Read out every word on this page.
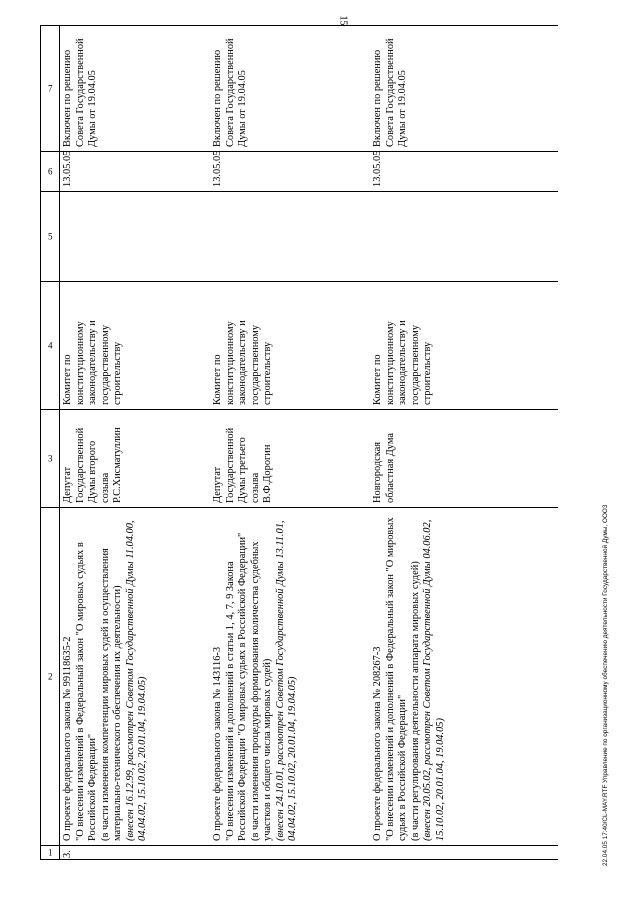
15
1	2	3	4	5	6	7
3.	О проекте федерального закона № 99118635-2 "О внесении изменений в Федеральный закон "О мировых судьях в Российской Федерации" (в части изменения компетенции мировых судей и осуществления материально-технического обеспечения их деятельности) (внесен 16.12.99, рассмотрен Советом Государственной Думы 11.04.00, 04.04.02, 15.10.02, 20.01.04, 19.04.05)	Депутат Государственной Думы второго созыва Р.С.Хисматуллин	Комитет по конституционному законодательству и государственному строительству		13.05.05	Включен по решению Совета Государственной Думы от 19.04.05

	О проекте федерального закона № 143116-3 "О внесении изменений и дополнений в статьи 1, 4, 7, 9 Закона Российской Федерации "О мировых судьях в Российской Федерации" (в части изменения процедуры формирования количества судебных участков и общего числа мировых судей) (внесен 24.10.01, рассмотрен Советом Государственной Думы 13.11.01, 04.04.02, 15.10.02, 20.01.04, 19.04.05)	Депутат Государственной Думы третьего созыва В.Ф.Дорогин	Комитет по конституционному законодательству и государственному строительству		13.05.05	Включен по решению Совета Государственной Думы от 19.04.05

	О проекте федерального закона № 208267-3 "О внесении изменений и дополнений в Федеральный закон "О мировых судьях в Российской Федерации" (в части регулирования деятельности аппарата мировых судей) (внесен 20.05.02, рассмотрен Советом Государственной Думы 04.06.02, 15.10.02, 20.01.04, 19.04.05)	Новгородская областная Дума	Комитет по конституционному законодательству и государственному строительству		13.05.05	Включен по решению Совета Государственной Думы от 19.04.05
22.04.05 17:40/CL-MAY.RTF Управление по организационному обеспечению деятельности Государственной Думы, ООО3
